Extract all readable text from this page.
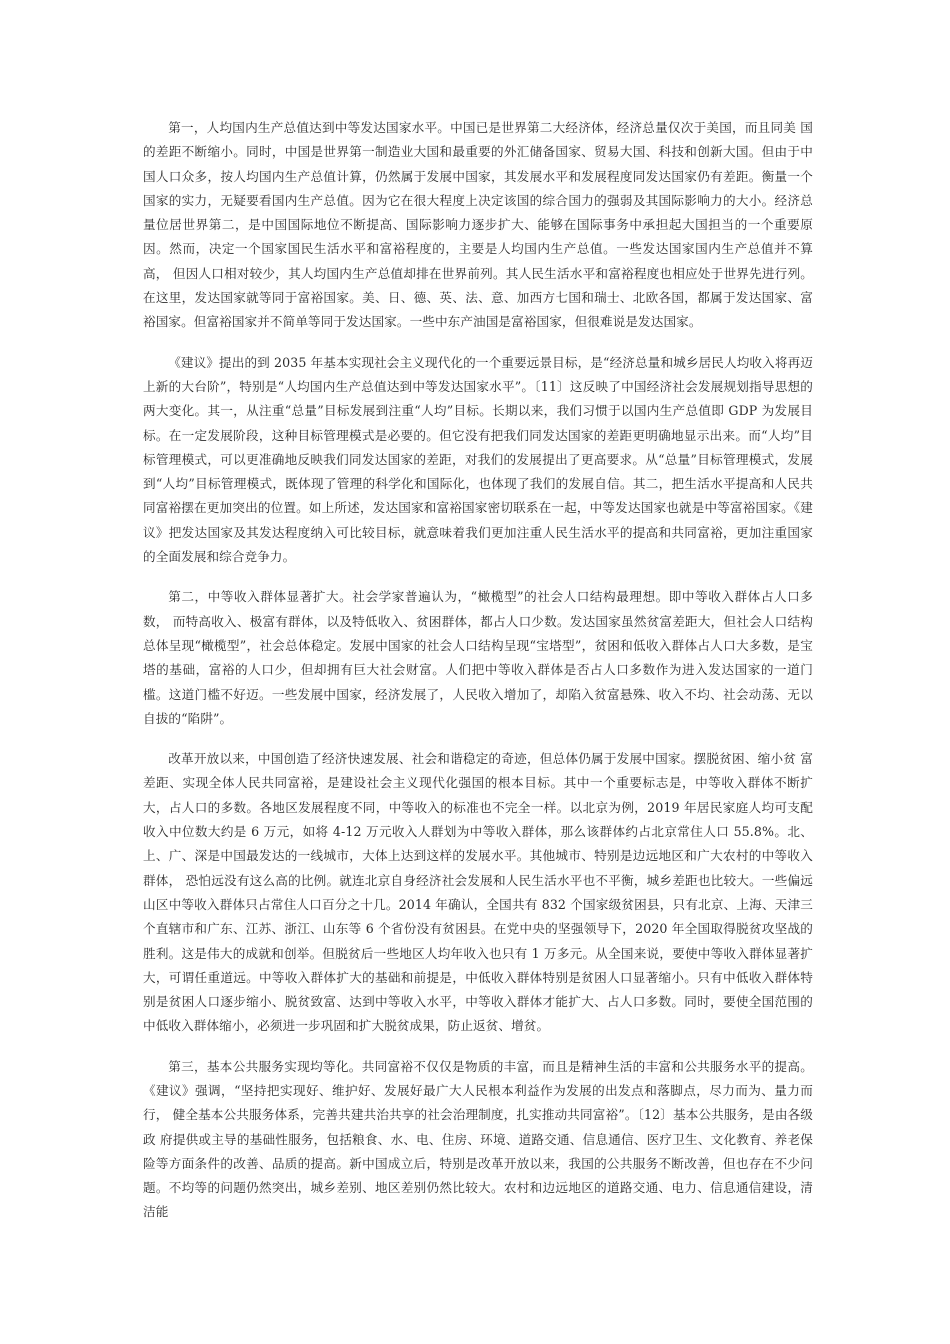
第一，人均国内生产总值达到中等发达国家水平。中国已是世界第二大经济体，经济总量仅次于美国，而且同美 国的差距不断缩小。同时，中国是世界第一制造业大国和最重要的外汇储备国家、贸易大国、科技和创新大国。但由于中国人口众多，按人均国内生产总值计算，仍然属于发展中国家，其发展水平和发展程度同发达国家仍有差距。衡量一个国家的实力，无疑要看国内生产总值。因为它在很大程度上决定该国的综合国力的强弱及其国际影响力的大小。经济总量位居世界第二，是中国国际地位不断提高、国际影响力逐步扩大、能够在国际事务中承担起大国担当的一个重要原因。然而，决定一个国家国民生活水平和富裕程度的，主要是人均国内生产总值。一些发达国家国内生产总值并不算高， 但因人口相对较少，其人均国内生产总值却排在世界前列。其人民生活水平和富裕程度也相应处于世界先进行列。在这里，发达国家就等同于富裕国家。美、日、德、英、法、意、加西方七国和瑞士、北欧各国，都属于发达国家、富裕国家。但富裕国家并不简单等同于发达国家。一些中东产油国是富裕国家，但很难说是发达国家。

《建议》提出的到 2035 年基本实现社会主义现代化的一个重要远景目标，是“经济总量和城乡居民人均收入将再迈上新的大台阶”，特别是“人均国内生产总值达到中等发达国家水平”。〔11〕这反映了中国经济社会发展规划指导思想的两大变化。其一，从注重“总量”目标发展到注重“人均”目标。长期以来，我们习惯于以国内生产总值即 GDP 为发展目标。在一定发展阶段，这种目标管理模式是必要的。但它没有把我们同发达国家的差距更明确地显示出来。而“人均”目标管理模式，可以更准确地反映我们同发达国家的差距，对我们的发展提出了更高要求。从“总量”目标管理模式，发展到“人均”目标管理模式，既体现了管理的科学化和国际化，也体现了我们的发展自信。其二，把生活水平提高和人民共同富裕摆在更加突出的位置。如上所述，发达国家和富裕国家密切联系在一起，中等发达国家也就是中等富裕国家。《建议》把发达国家及其发达程度纳入可比较目标，就意味着我们更加注重人民生活水平的提高和共同富裕，更加注重国家 的全面发展和综合竞争力。

第二，中等收入群体显著扩大。社会学家普遍认为，“橄榄型”的社会人口结构最理想。即中等收入群体占人口多数， 而特高收入、极富有群体，以及特低收入、贫困群体，都占人口少数。发达国家虽然贫富差距大，但社会人口结构总体呈现“橄榄型”，社会总体稳定。发展中国家的社会人口结构呈现“宝塔型”，贫困和低收入群体占人口大多数，是宝塔的基础，富裕的人口少，但却拥有巨大社会财富。人们把中等收入群体是否占人口多数作为进入发达国家的一道门槛。这道门槛不好迈。一些发展中国家，经济发展了，人民收入增加了，却陷入贫富悬殊、收入不均、社会动荡、无以自拔的“陷阱”。

改革开放以来，中国创造了经济快速发展、社会和谐稳定的奇迹，但总体仍属于发展中国家。摆脱贫困、缩小贫 富差距、实现全体人民共同富裕，是建设社会主义现代化强国的根本目标。其中一个重要标志是，中等收入群体不断扩大，占人口的多数。各地区发展程度不同，中等收入的标准也不完全一样。以北京为例，2019 年居民家庭人均可支配收入中位数大约是 6 万元，如将 4-12 万元收入人群划为中等收入群体，那么该群体约占北京常住人口 55.8%。北、上、广、深是中国最发达的一线城市，大体上达到这样的发展水平。其他城市、特别是边远地区和广大农村的中等收入群体， 恐怕远没有这么高的比例。就连北京自身经济社会发展和人民生活水平也不平衡，城乡差距也比较大。一些偏远山区中等收入群体只占常住人口百分之十几。2014 年确认，全国共有 832 个国家级贫困县，只有北京、上海、天津三个直辖市和广东、江苏、浙江、山东等 6 个省份没有贫困县。在党中央的坚强领导下，2020 年全国取得脱贫攻坚战的胜利。这是伟大的成就和创举。但脱贫后一些地区人均年收入也只有 1 万多元。从全国来说，要使中等收入群体显著扩大，可谓任重道远。中等收入群体扩大的基础和前提是，中低收入群体特别是贫困人口显著缩小。只有中低收入群体特别是贫困人口逐步缩小、脱贫致富、达到中等收入水平，中等收入群体才能扩大、占人口多数。同时，要使全国范围的中低收入群体缩小，必须进一步巩固和扩大脱贫成果，防止返贫、增贫。

第三，基本公共服务实现均等化。共同富裕不仅仅是物质的丰富，而且是精神生活的丰富和公共服务水平的提高。《建议》强调，“坚持把实现好、维护好、发展好最广大人民根本利益作为发展的出发点和落脚点，尽力而为、量力而行， 健全基本公共服务体系，完善共建共治共享的社会治理制度，扎实推动共同富裕”。〔12〕基本公共服务，是由各级政 府提供或主导的基础性服务，包括粮食、水、电、住房、环境、道路交通、信息通信、医疗卫生、文化教育、养老保险等方面条件的改善、品质的提高。新中国成立后，特别是改革开放以来，我国的公共服务不断改善，但也存在不少问题。不均等的问题仍然突出，城乡差别、地区差别仍然比较大。农村和边远地区的道路交通、电力、信息通信建设，清洁能
